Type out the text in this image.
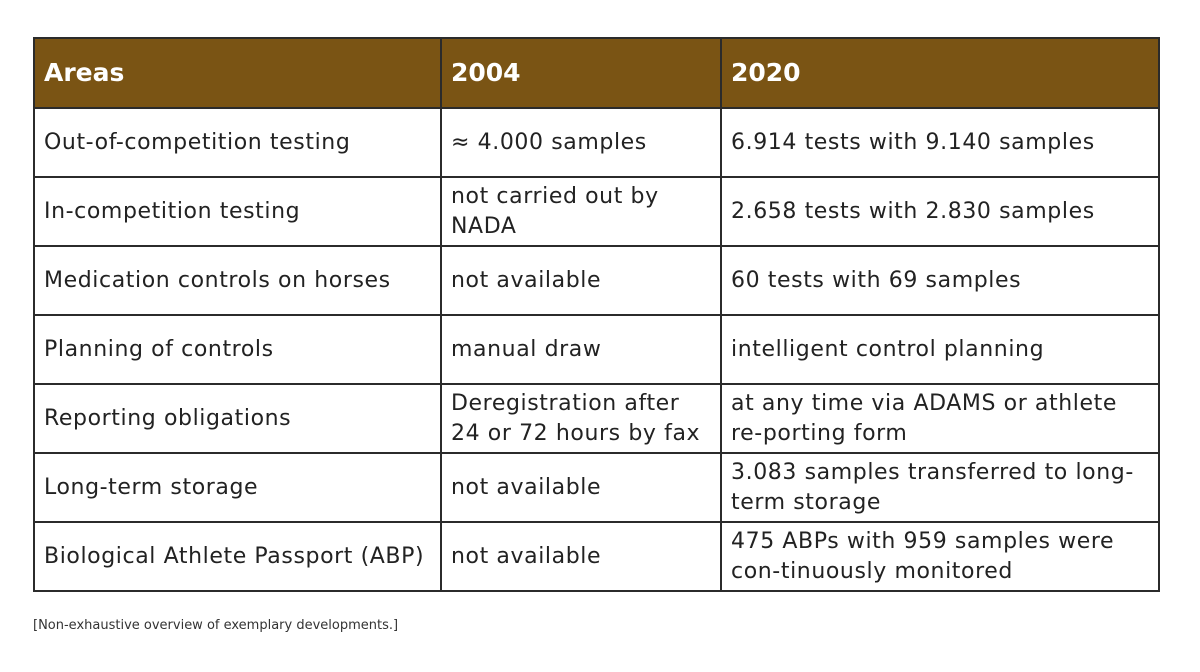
Areas	2004	2020
Out-of-competition testing	≈ 4.000 samples	6.914 tests with 9.140 samples
In-competition testing	not carried out by NADA	2.658 tests with 2.830 samples
Medication controls on horses	not available	60 tests with 69 samples
Planning of controls	manual draw	intelligent control planning
Reporting obligations	Deregistration after 24 or 72 hours by fax	at any time via ADAMS or athlete re-porting form
Long-term storage	not available	3.083 samples transferred to long-term storage
Biological Athlete Passport (ABP)	not available	475 ABPs with 959 samples were con-tinuously monitored
[Non-exhaustive overview of exemplary developments.]
